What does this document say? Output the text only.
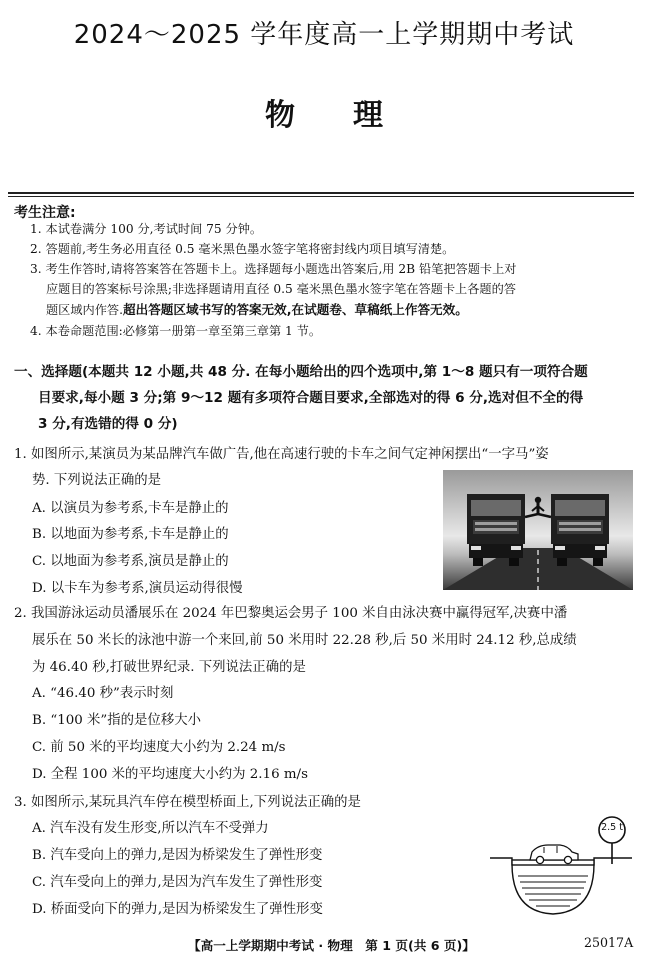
2024～2025 学年度高一上学期期中考试
物理
考生注意:
1. 本试卷满分 100 分,考试时间 75 分钟。
2. 答题前,考生务必用直径 0.5 毫米黑色墨水签字笔将密封线内项目填写清楚。
3. 考生作答时,请将答案答在答题卡上。选择题每小题选出答案后,用 2B 铅笔把答题卡上对
应题目的答案标号涂黑;非选择题请用直径 0.5 毫米黑色墨水签字笔在答题卡上各题的答
题区域内作答.超出答题区域书写的答案无效,在试题卷、草稿纸上作答无效。
4. 本卷命题范围:必修第一册第一章至第三章第 1 节。
一、选择题(本题共 12 小题,共 48 分. 在每小题给出的四个选项中,第 1～8 题只有一项符合题
目要求,每小题 3 分;第 9～12 题有多项符合题目要求,全部选对的得 6 分,选对但不全的得
3 分,有选错的得 0 分)
1. 如图所示,某演员为某品牌汽车做广告,他在高速行驶的卡车之间气定神闲摆出“一字马”姿
势. 下列说法正确的是
A. 以演员为参考系,卡车是静止的
B. 以地面为参考系,卡车是静止的
C. 以地面为参考系,演员是静止的
D. 以卡车为参考系,演员运动得很慢
2. 我国游泳运动员潘展乐在 2024 年巴黎奥运会男子 100 米自由泳决赛中赢得冠军,决赛中潘
展乐在 50 米长的泳池中游一个来回,前 50 米用时 22.28 秒,后 50 米用时 24.12 秒,总成绩
为 46.40 秒,打破世界纪录. 下列说法正确的是
A. “46.40 秒”表示时刻
B. “100 米”指的是位移大小
C. 前 50 米的平均速度大小约为 2.24 m/s
D. 全程 100 米的平均速度大小约为 2.16 m/s
3. 如图所示,某玩具汽车停在模型桥面上,下列说法正确的是
A. 汽车没有发生形变,所以汽车不受弹力
B. 汽车受向上的弹力,是因为桥梁发生了弹性形变
C. 汽车受向上的弹力,是因为汽车发生了弹性形变
D. 桥面受向下的弹力,是因为桥梁发生了弹性形变
2.5 t
【高一上学期期中考试 · 物理　第 1 页(共 6 页)】	25017A
